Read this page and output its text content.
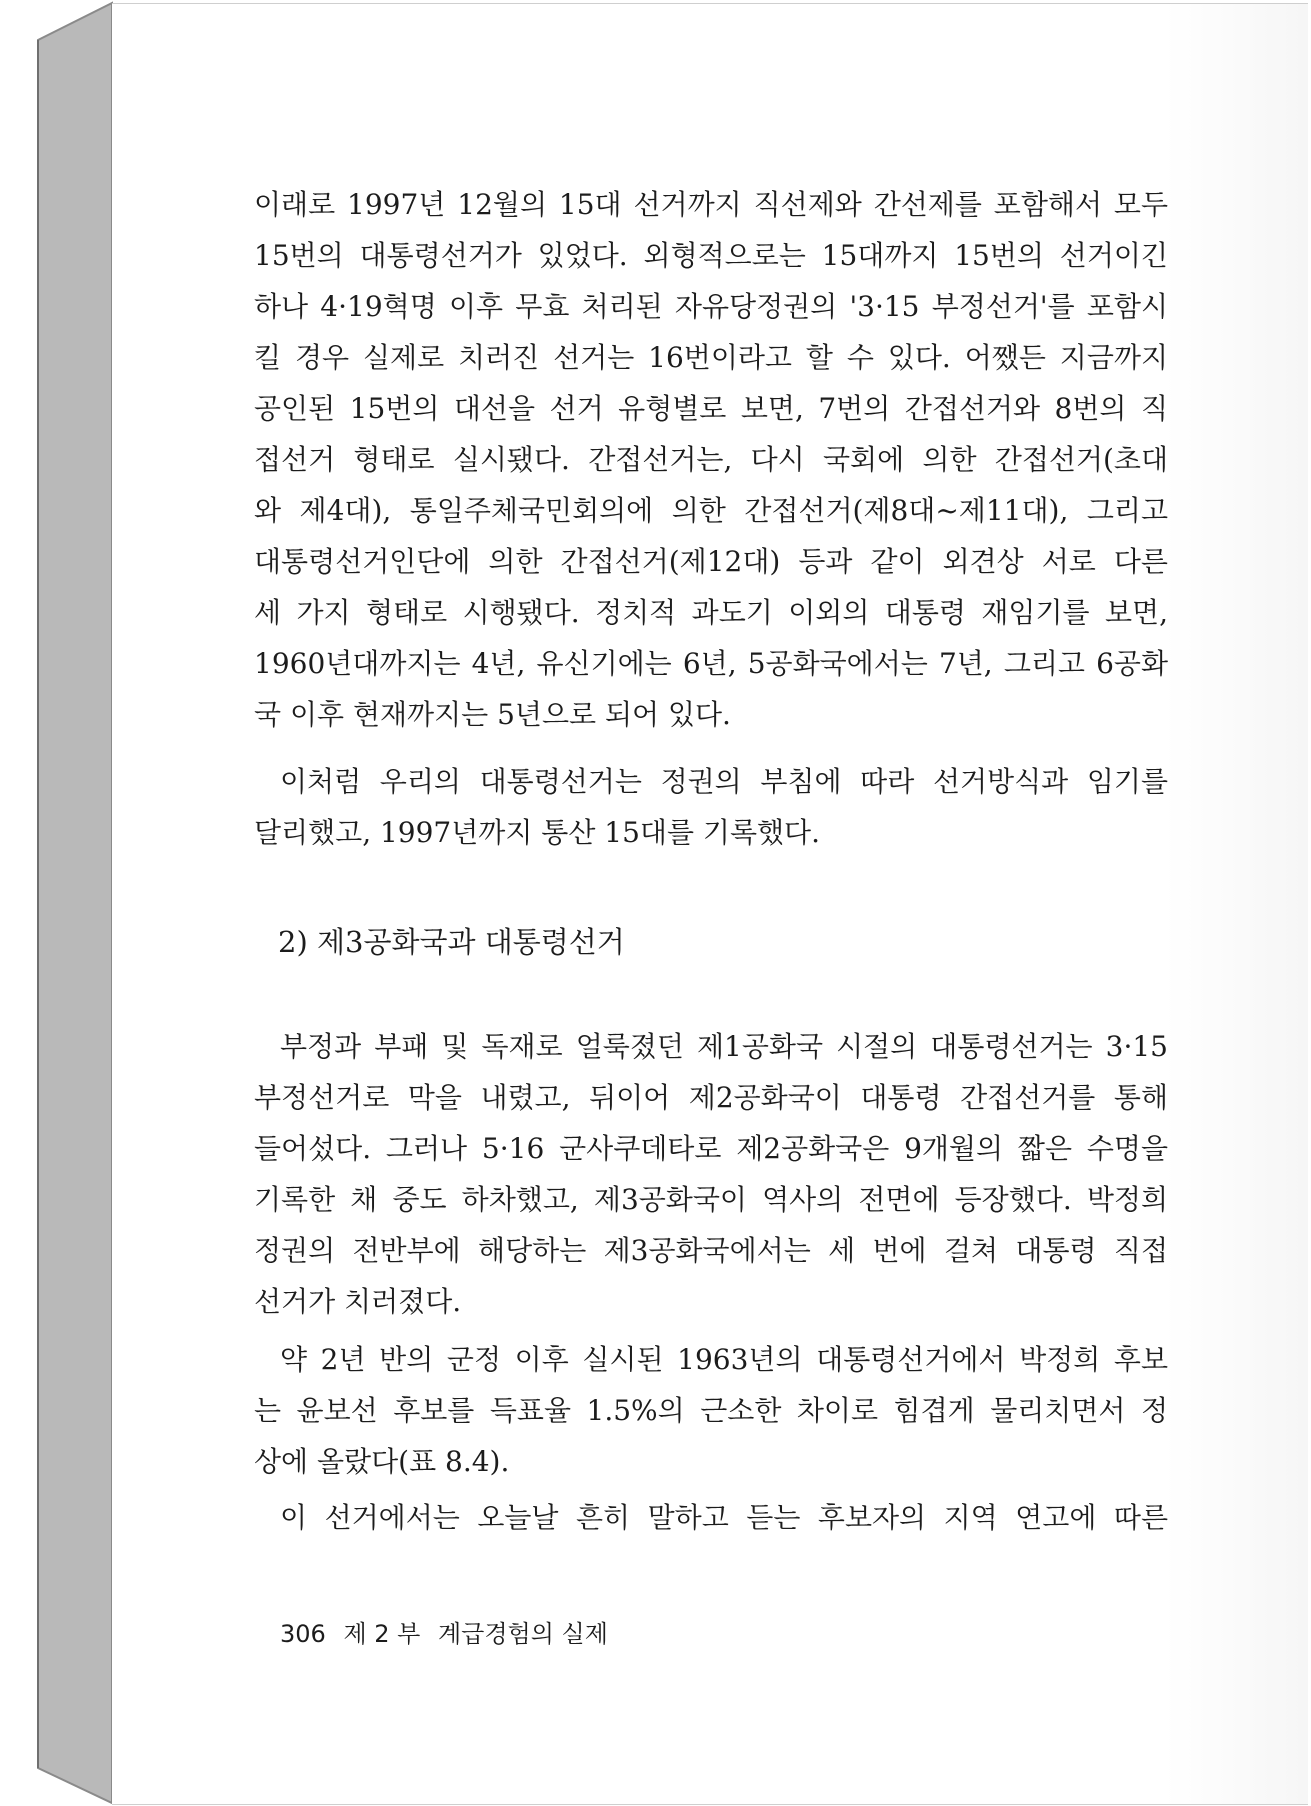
이래로 1997년 12월의 15대 선거까지 직선제와 간선제를 포함해서 모두
15번의 대통령선거가 있었다. 외형적으로는 15대까지 15번의 선거이긴
하나 4·19혁명 이후 무효 처리된 자유당정권의 '3·15 부정선거'를 포함시
킬 경우 실제로 치러진 선거는 16번이라고 할 수 있다. 어쨌든 지금까지
공인된 15번의 대선을 선거 유형별로 보면, 7번의 간접선거와 8번의 직
접선거 형태로 실시됐다. 간접선거는, 다시 국회에 의한 간접선거(초대
와 제4대), 통일주체국민회의에 의한 간접선거(제8대~제11대), 그리고
대통령선거인단에 의한 간접선거(제12대) 등과 같이 외견상 서로 다른
세 가지 형태로 시행됐다. 정치적 과도기 이외의 대통령 재임기를 보면,
1960년대까지는 4년, 유신기에는 6년, 5공화국에서는 7년, 그리고 6공화
국 이후 현재까지는 5년으로 되어 있다.
이처럼 우리의 대통령선거는 정권의 부침에 따라 선거방식과 임기를
달리했고, 1997년까지 통산 15대를 기록했다.
부정과 부패 및 독재로 얼룩졌던 제1공화국 시절의 대통령선거는 3·15
부정선거로 막을 내렸고, 뒤이어 제2공화국이 대통령 간접선거를 통해
들어섰다. 그러나 5·16 군사쿠데타로 제2공화국은 9개월의 짧은 수명을
기록한 채 중도 하차했고, 제3공화국이 역사의 전면에 등장했다. 박정희
정권의 전반부에 해당하는 제3공화국에서는 세 번에 걸쳐 대통령 직접
선거가 치러졌다.
약 2년 반의 군정 이후 실시된 1963년의 대통령선거에서 박정희 후보
는 윤보선 후보를 득표율 1.5%의 근소한 차이로 힘겹게 물리치면서 정
상에 올랐다(표 8.4).
이 선거에서는 오늘날 흔히 말하고 듣는 후보자의 지역 연고에 따른
2) 제3공화국과 대통령선거
306 제 2 부 계급경험의 실제
